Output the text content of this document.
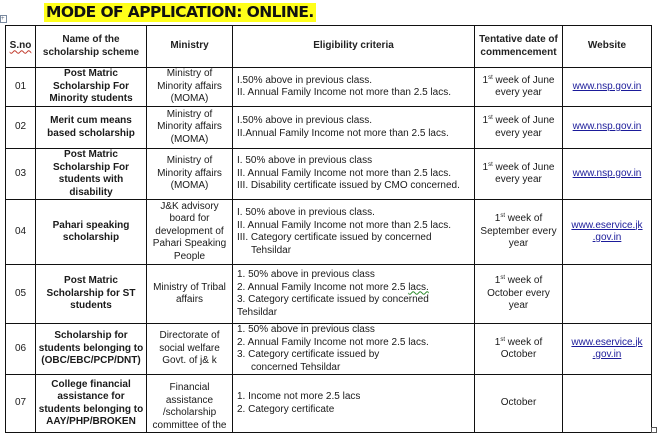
MODE OF APPLICATION: ONLINE.
+
S.no	Name of the scholarship scheme	Ministry	Eligibility criteria	Tentative date of commencement	Website
01	Post Matric Scholarship For Minority students	Ministry of Minority affairs (MOMA)	I.50% above in previous class.
II. Annual Family Income not more than 2.5 lacs.	1st week of June every year	www.nsp.gov.in
02	Merit cum means based scholarship	Ministry of Minority affairs (MOMA)	I.50% above in previous class.
II.Annual Family Income not more than 2.5 lacs.	1st week of June every year	www.nsp.gov.in
03	Post Matric Scholarship For students with disability	Ministry of Minority affairs (MOMA)	I. 50% above in previous class
II. Annual Family Income not more than 2.5 lacs.
III. Disability certificate issued by CMO concerned.	1st week of June every year	www.nsp.gov.in
04	Pahari speaking scholarship	J&K advisory board for development of Pahari Speaking People	I. 50% above in previous class.
II. Annual Family Income not more than 2.5 lacs.
III. Category certificate issued by concerned
Tehsildar	1st week of September every year	www.eservice.jk
.gov.in
05	Post Matric Scholarship for ST students	Ministry of Tribal affairs	1. 50% above in previous class
2. Annual Family Income not more 2.5 lacs.
3. Category certificate issued by concerned
Tehsildar	1st week of October every year	
06	Scholarship for students belonging to (OBC/EBC/PCP/DNT)	Directorate of social welfare Govt. of j& k	1. 50% above in previous class
2. Annual Family Income not more 2.5 lacs.
3. Category certificate issued by
concerned Tehsildar	1st week of October	www.eservice.jk
.gov.in
07	College financial assistance for students belonging to AAY/PHP/BROKEN	Financial assistance /scholarship committee of the	1. Income not more 2.5 lacs
2. Category certificate	October	
